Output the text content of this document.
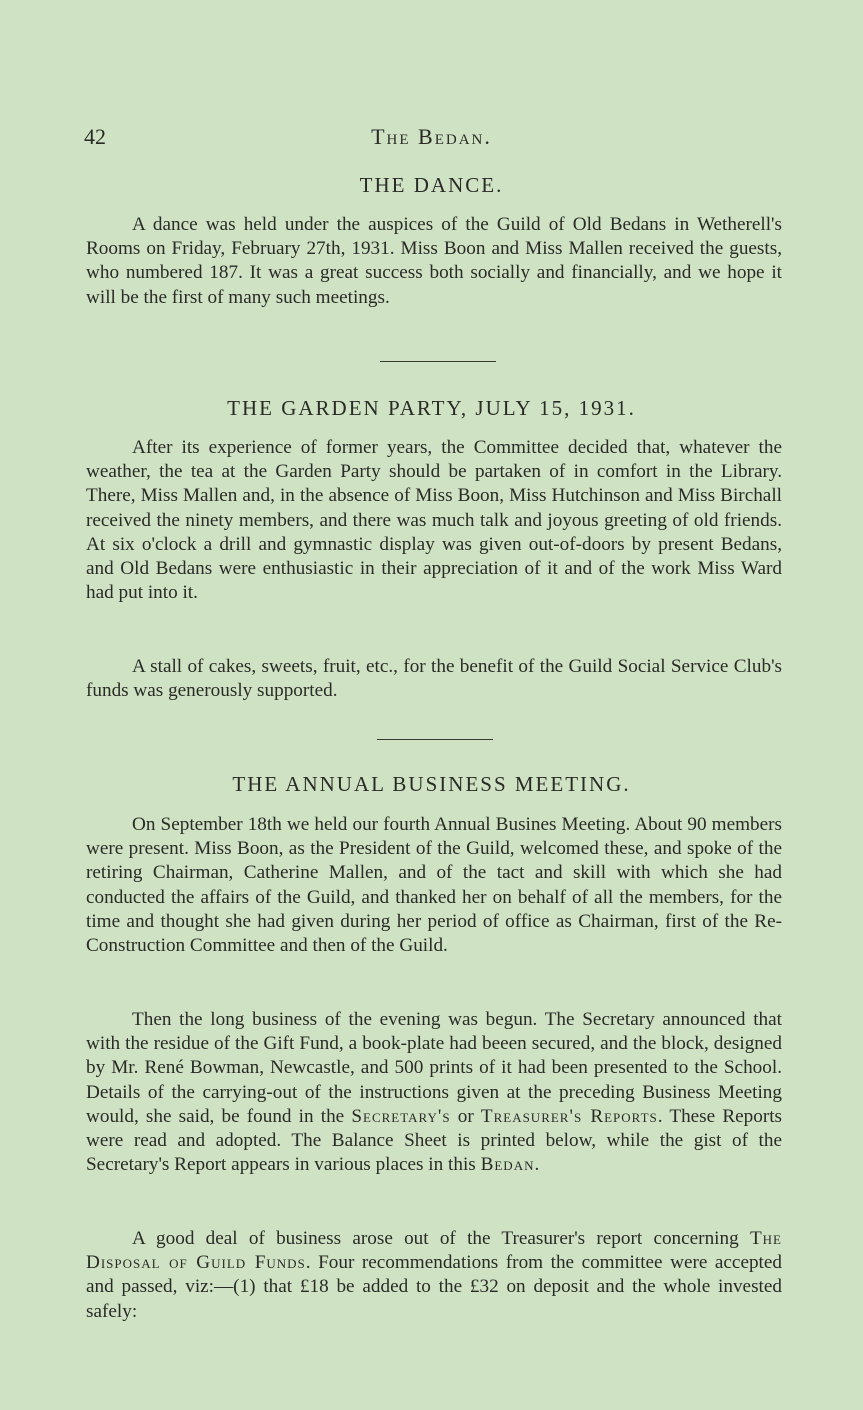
42	The Bedan.
THE DANCE.

A dance was held under the auspices of the Guild of Old Bedans in Wetherell's Rooms on Friday, February 27th, 1931. Miss Boon and Miss Mallen received the guests, who numbered 187. It was a great success both socially and financially, and we hope it will be the first of many such meetings.

THE GARDEN PARTY, JULY 15, 1931.

After its experience of former years, the Committee decided that, whatever the weather, the tea at the Garden Party should be partaken of in comfort in the Library. There, Miss Mallen and, in the absence of Miss Boon, Miss Hutchinson and Miss Birchall received the ninety members, and there was much talk and joyous greeting of old friends. At six o'clock a drill and gymnastic display was given out-of-doors by present Bedans, and Old Bedans were enthusiastic in their appreciation of it and of the work Miss Ward had put into it.

A stall of cakes, sweets, fruit, etc., for the benefit of the Guild Social Service Club's funds was generously supported.

THE ANNUAL BUSINESS MEETING.

On September 18th we held our fourth Annual Busines Meeting. About 90 members were present. Miss Boon, as the President of the Guild, welcomed these, and spoke of the retiring Chairman, Catherine Mallen, and of the tact and skill with which she had conducted the affairs of the Guild, and thanked her on behalf of all the members, for the time and thought she had given during her period of office as Chairman, first of the Re-Construction Committee and then of the Guild.

Then the long business of the evening was begun. The Secretary announced that with the residue of the Gift Fund, a book-plate had beeen secured, and the block, designed by Mr. René Bowman, Newcastle, and 500 prints of it had been presented to the School. Details of the carrying-out of the instructions given at the preceding Business Meeting would, she said, be found in the Secretary's or Treasurer's Reports. These Reports were read and adopted. The Balance Sheet is printed below, while the gist of the Secretary's Report appears in various places in this Bedan.

A good deal of business arose out of the Treasurer's report concerning The Disposal of Guild Funds. Four recommendations from the committee were accepted and passed, viz:—(1) that £18 be added to the £32 on deposit and the whole invested safely:
